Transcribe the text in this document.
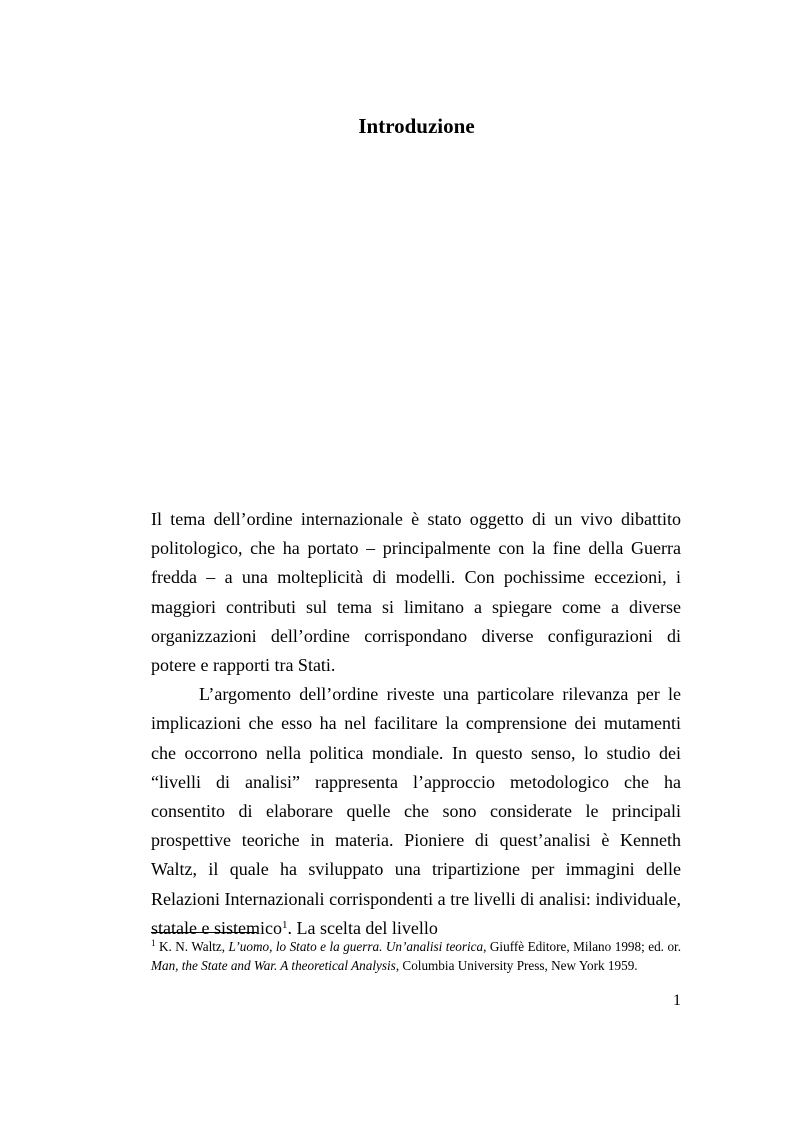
Introduzione

Il tema dell’ordine internazionale è stato oggetto di un vivo dibattito politologico, che ha portato – principalmente con la fine della Guerra fredda – a una molteplicità di modelli. Con pochissime eccezioni, i maggiori contributi sul tema si limitano a spiegare come a diverse organizzazioni dell’ordine corrispondano diverse configurazioni di potere e rapporti tra Stati.

L’argomento dell’ordine riveste una particolare rilevanza per le implicazioni che esso ha nel facilitare la comprensione dei mutamenti che occorrono nella politica mondiale. In questo senso, lo studio dei “livelli di analisi” rappresenta l’approccio metodologico che ha consentito di elaborare quelle che sono considerate le principali prospettive teoriche in materia. Pioniere di quest’analisi è Kenneth Waltz, il quale ha sviluppato una tripartizione per immagini delle Relazioni Internazionali corrispondenti a tre livelli di analisi: individuale, statale e sistemico$^1$. La scelta del livello

$^1$ K. N. Waltz, L’uomo, lo Stato e la guerra. Un’analisi teorica, Giuffè Editore, Milano 1998; ed. or. Man, the State and War. A theoretical Analysis, Columbia University Press, New York 1959.

1
